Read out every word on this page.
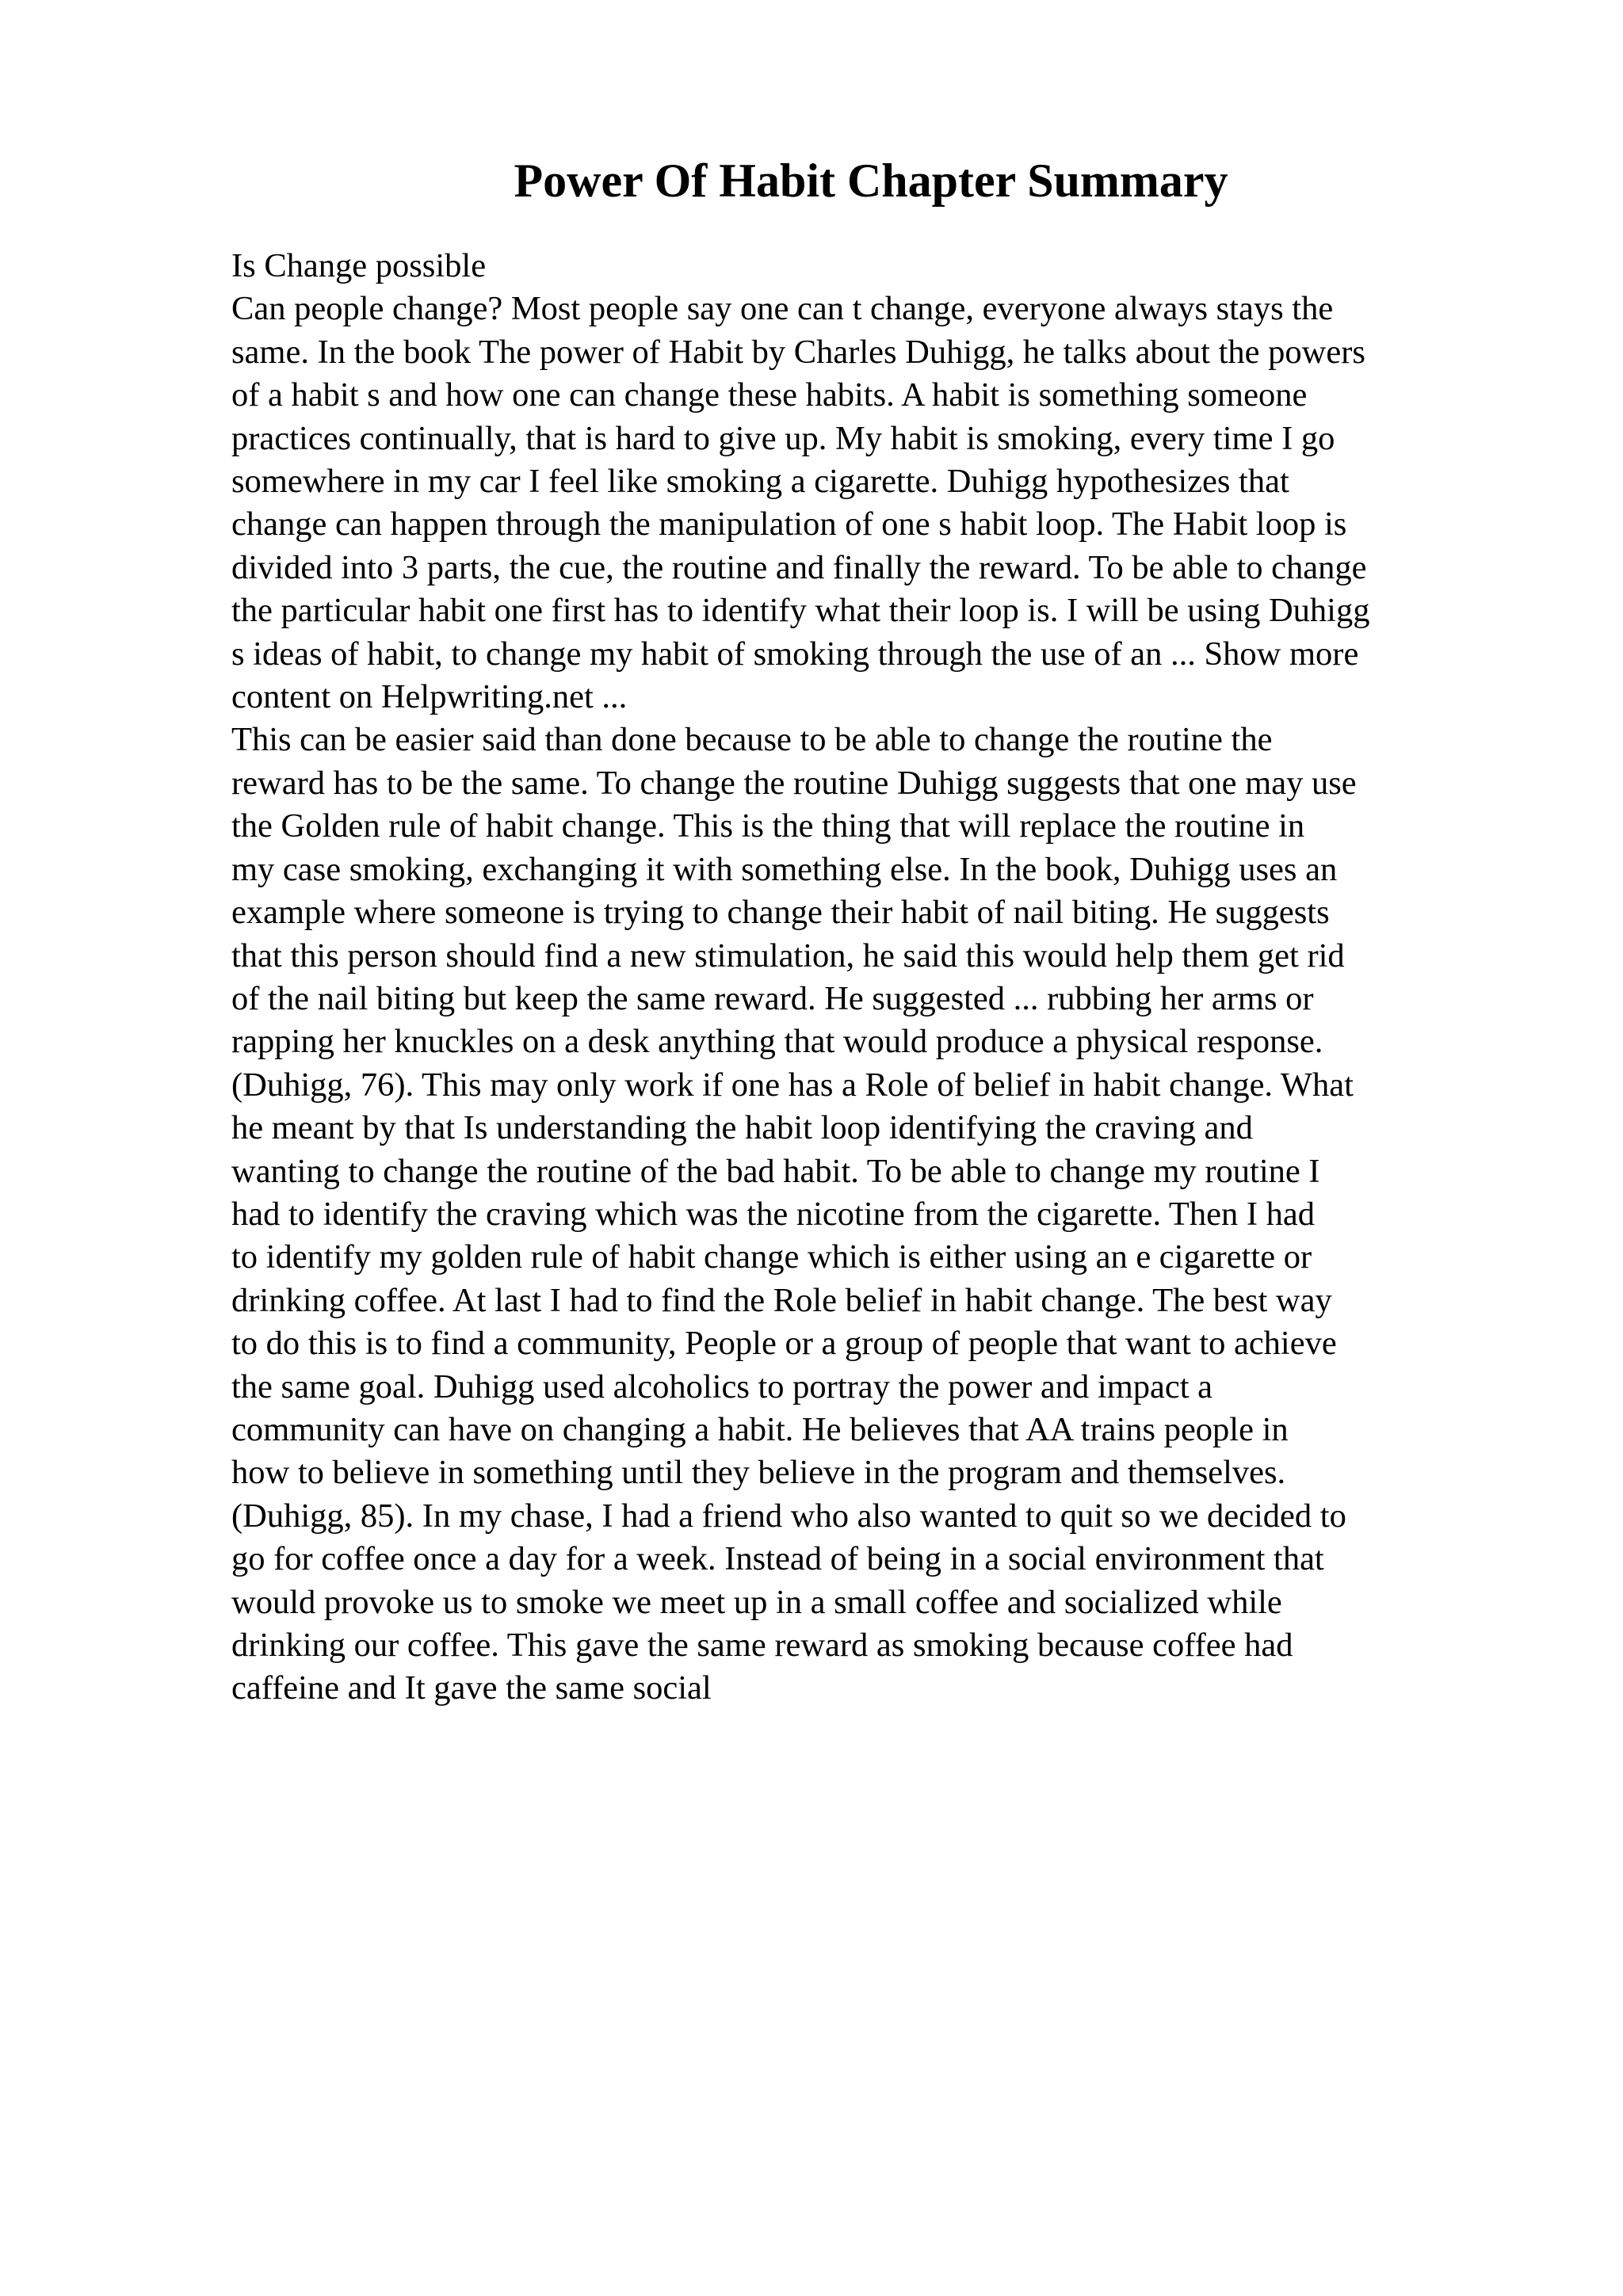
Power Of Habit Chapter Summary
Is Change possible
Can people change? Most people say one can t change, everyone always stays the
same. In the book The power of Habit by Charles Duhigg, he talks about the powers
of a habit s and how one can change these habits. A habit is something someone
practices continually, that is hard to give up. My habit is smoking, every time I go
somewhere in my car I feel like smoking a cigarette. Duhigg hypothesizes that
change can happen through the manipulation of one s habit loop. The Habit loop is
divided into 3 parts, the cue, the routine and finally the reward. To be able to change
the particular habit one first has to identify what their loop is. I will be using Duhigg
s ideas of habit, to change my habit of smoking through the use of an ... Show more
content on Helpwriting.net ...
This can be easier said than done because to be able to change the routine the
reward has to be the same. To change the routine Duhigg suggests that one may use
the Golden rule of habit change. This is the thing that will replace the routine in
my case smoking, exchanging it with something else. In the book, Duhigg uses an
example where someone is trying to change their habit of nail biting. He suggests
that this person should find a new stimulation, he said this would help them get rid
of the nail biting but keep the same reward. He suggested ... rubbing her arms or
rapping her knuckles on a desk anything that would produce a physical response.
(Duhigg, 76). This may only work if one has a Role of belief in habit change. What
he meant by that Is understanding the habit loop identifying the craving and
wanting to change the routine of the bad habit. To be able to change my routine I
had to identify the craving which was the nicotine from the cigarette. Then I had
to identify my golden rule of habit change which is either using an e cigarette or
drinking coffee. At last I had to find the Role belief in habit change. The best way
to do this is to find a community, People or a group of people that want to achieve
the same goal. Duhigg used alcoholics to portray the power and impact a
community can have on changing a habit. He believes that AA trains people in
how to believe in something until they believe in the program and themselves.
(Duhigg, 85). In my chase, I had a friend who also wanted to quit so we decided to
go for coffee once a day for a week. Instead of being in a social environment that
would provoke us to smoke we meet up in a small coffee and socialized while
drinking our coffee. This gave the same reward as smoking because coffee had
caffeine and It gave the same social
